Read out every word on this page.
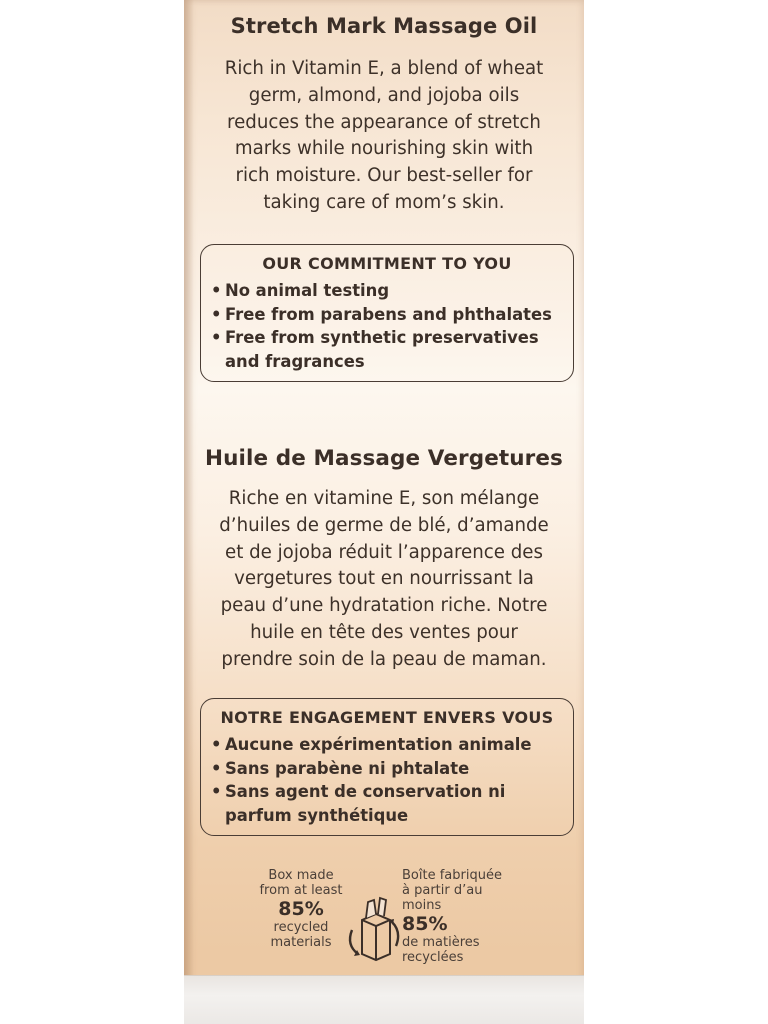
Stretch Mark Massage Oil
Rich in Vitamin E, a blend of wheat
germ, almond, and jojoba oils
reduces the appearance of stretch
marks while nourishing skin with
rich moisture. Our best-seller for
taking care of mom’s skin.
OUR COMMITMENT TO YOU
• No animal testing
• Free from parabens and phthalates
• Free from synthetic preservatives
and fragrances
Huile de Massage Vergetures
Riche en vitamine E, son mélange
d’huiles de germe de blé, d’amande
et de jojoba réduit l’apparence des
vergetures tout en nourrissant la
peau d’une hydratation riche. Notre
huile en tête des ventes pour
prendre soin de la peau de maman.
NOTRE ENGAGEMENT ENVERS VOUS
• Aucune expérimentation animale
• Sans parabène ni phtalate
• Sans agent de conservation ni
parfum synthétique
Box made
from at least
85%
recycled
materials
Boîte fabriquée
à partir d’au moins
85%
de matières
recyclées
